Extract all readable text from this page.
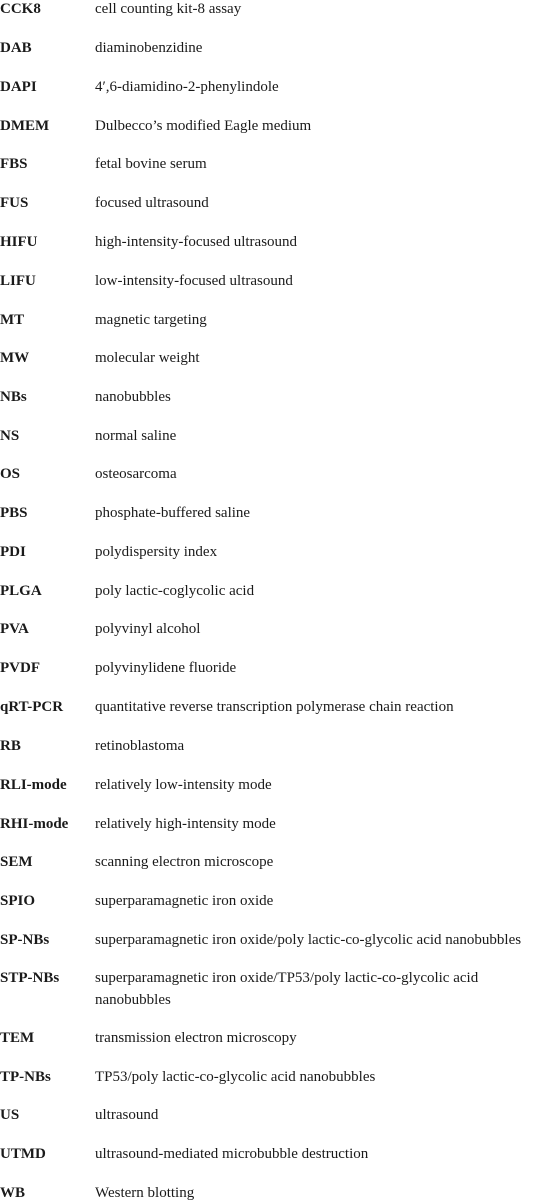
CCK8	cell counting kit-8 assay
DAB	diaminobenzidine
DAPI	4′,6-diamidino-2-phenylindole
DMEM	Dulbecco’s modified Eagle medium
FBS	fetal bovine serum
FUS	focused ultrasound
HIFU	high-intensity-focused ultrasound
LIFU	low-intensity-focused ultrasound
MT	magnetic targeting
MW	molecular weight
NBs	nanobubbles
NS	normal saline
OS	osteosarcoma
PBS	phosphate-buffered saline
PDI	polydispersity index
PLGA	poly lactic-coglycolic acid
PVA	polyvinyl alcohol
PVDF	polyvinylidene fluoride
qRT-PCR quantitative reverse transcription polymerase chain reaction
RB	retinoblastoma
RLI-mode relatively low-intensity mode
RHI-mode relatively high-intensity mode
SEM	scanning electron microscope
SPIO	superparamagnetic iron oxide
SP-NBs	superparamagnetic iron oxide/poly lactic-co-glycolic acid nanobubbles
STP-NBs superparamagnetic iron oxide/TP53/poly lactic-co-glycolic acid nanobubbles
TEM	transmission electron microscopy
TP-NBs	TP53/poly lactic-co-glycolic acid nanobubbles
US	ultrasound
UTMD	ultrasound-mediated microbubble destruction
WB	Western blotting
